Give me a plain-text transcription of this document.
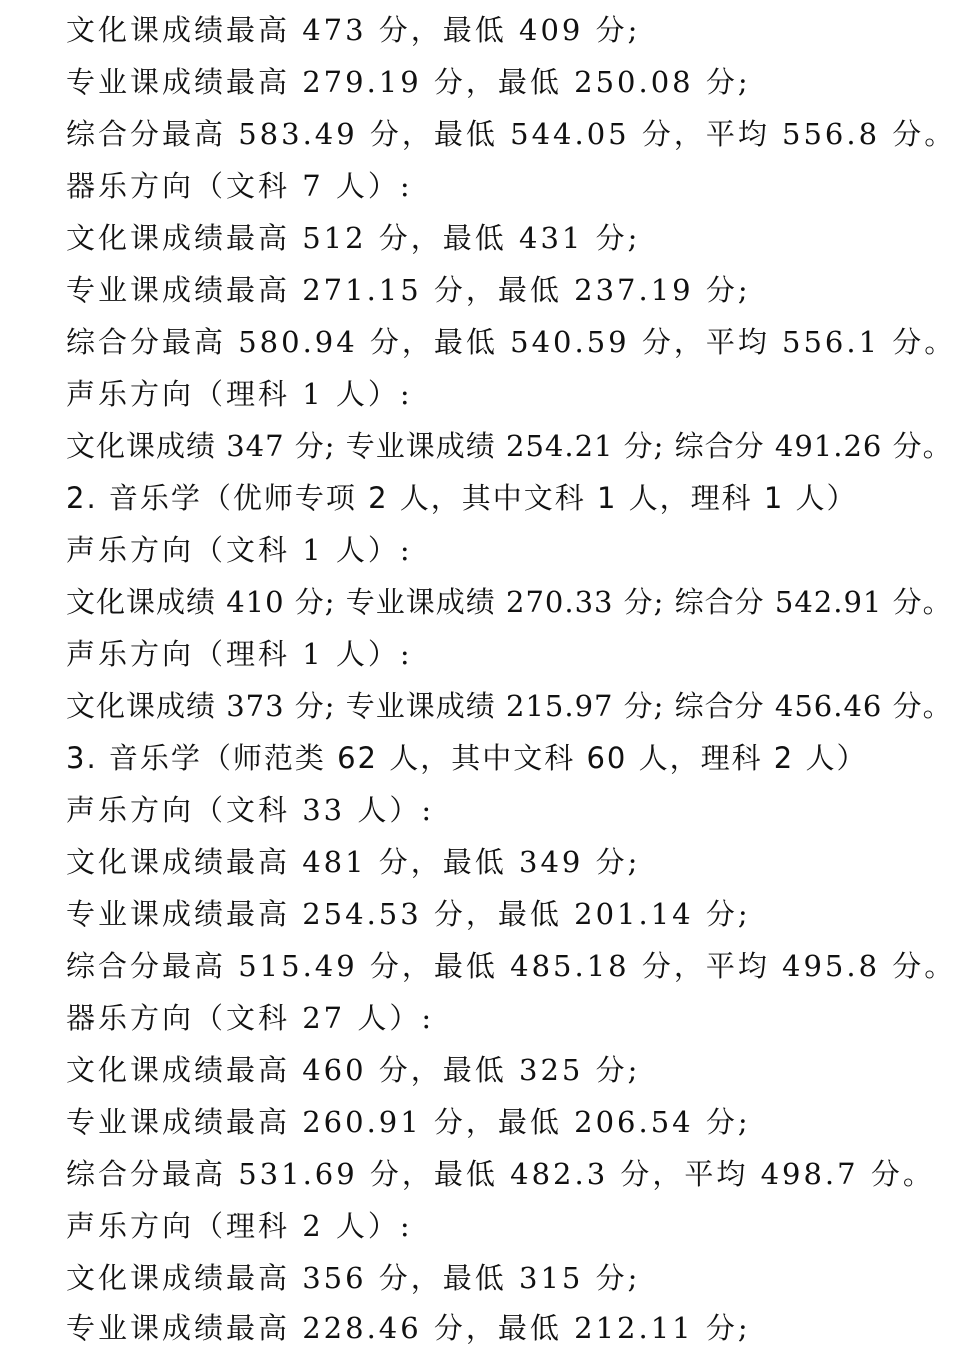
文化课成绩最高 473 分，最低 409 分;
专业课成绩最高 279.19 分，最低 250.08 分;
综合分最高 583.49 分，最低 544.05 分，平均 556.8 分。
器乐方向（文科 7 人）:
文化课成绩最高 512 分，最低 431 分;
专业课成绩最高 271.15 分，最低 237.19 分;
综合分最高 580.94 分，最低 540.59 分，平均 556.1 分。
声乐方向（理科 1 人）:
文化课成绩 347 分; 专业课成绩 254.21 分; 综合分 491.26 分。
2. 音乐学（优师专项 2 人，其中文科 1 人，理科 1 人）
声乐方向（文科 1 人）:
文化课成绩 410 分; 专业课成绩 270.33 分; 综合分 542.91 分。
声乐方向（理科 1 人）:
文化课成绩 373 分; 专业课成绩 215.97 分; 综合分 456.46 分。
3. 音乐学（师范类 62 人，其中文科 60 人，理科 2 人）
声乐方向（文科 33 人）:
文化课成绩最高 481 分，最低 349 分;
专业课成绩最高 254.53 分，最低 201.14 分;
综合分最高 515.49 分，最低 485.18 分，平均 495.8 分。
器乐方向（文科 27 人）:
文化课成绩最高 460 分，最低 325 分;
专业课成绩最高 260.91 分，最低 206.54 分;
综合分最高 531.69 分，最低 482.3 分，平均 498.7 分。
声乐方向（理科 2 人）:
文化课成绩最高 356 分，最低 315 分;
专业课成绩最高 228.46 分，最低 212.11 分;
